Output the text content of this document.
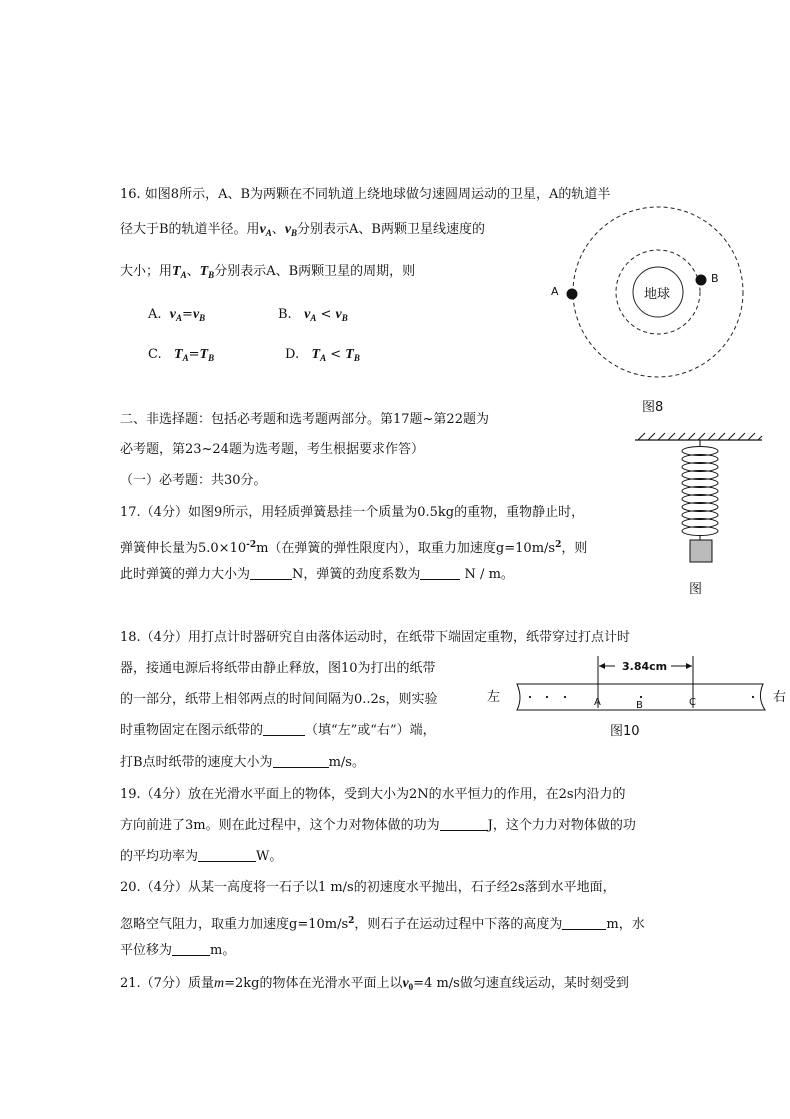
16. 如图8所示，A、B为两颗在不同轨道上绕地球做匀速圆周运动的卫星，A的轨道半
径大于B的轨道半径。用$v_A$、$v_B$分别表示A、B两颗卫星线速度的
大小；用$T_A$、$T_B$分别表示A、B两颗卫星的周期，则
A. $v_A=v_B$	B. $v_A < v_B$
C. $T_A=T_B$	D. $T_A < T_B$
地球
A
B
图8
二、非选择题：包括必考题和选考题两部分。第17题~第22题为
必考题，第23~24题为选考题，考生根据要求作答）
（一）必考题：共30分。
17.（4分）如图9所示，用轻质弹簧悬挂一个质量为0.5kg的重物，重物静止时，
弹簧伸长量为$5.0\times 10^{-2}m$（在弹簧的弹性限度内），取重力加速度$g=10m/s^2$，则
此时弹簧的弹力大小为	N，弹簧的劲度系数为	N / m。
图
18.（4分）用打点计时器研究自由落体运动时，在纸带下端固定重物，纸带穿过打点计时
器，接通电源后将纸带由静止释放，图10为打出的纸带
的一部分，纸带上相邻两点的时间间隔为0..2s，则实验
时重物固定在图示纸带的	（填“左”或“右”）端，
打B点时纸带的速度大小为	m/s。
3.84cm
左	右
A	B	C
图10
19.（4分）放在光滑水平面上的物体，受到大小为2N的水平恒力的作用，在2s内沿力的
方向前进了3m。则在此过程中，这个力对物体做的功为	J，这个力力对物体做的功
的平均功率为	W。
20.（4分）从某一高度将一石子以1 m/s的初速度水平抛出，石子经2s落到水平地面，
忽略空气阻力，取重力加速度$g=10m/s^2$，则石子在运动过程中下落的高度为	m，水
平位移为	m。
21.（7分）质量m=2kg的物体在光滑水平面上以$v_0=4$ m/s做匀速直线运动，某时刻受到
